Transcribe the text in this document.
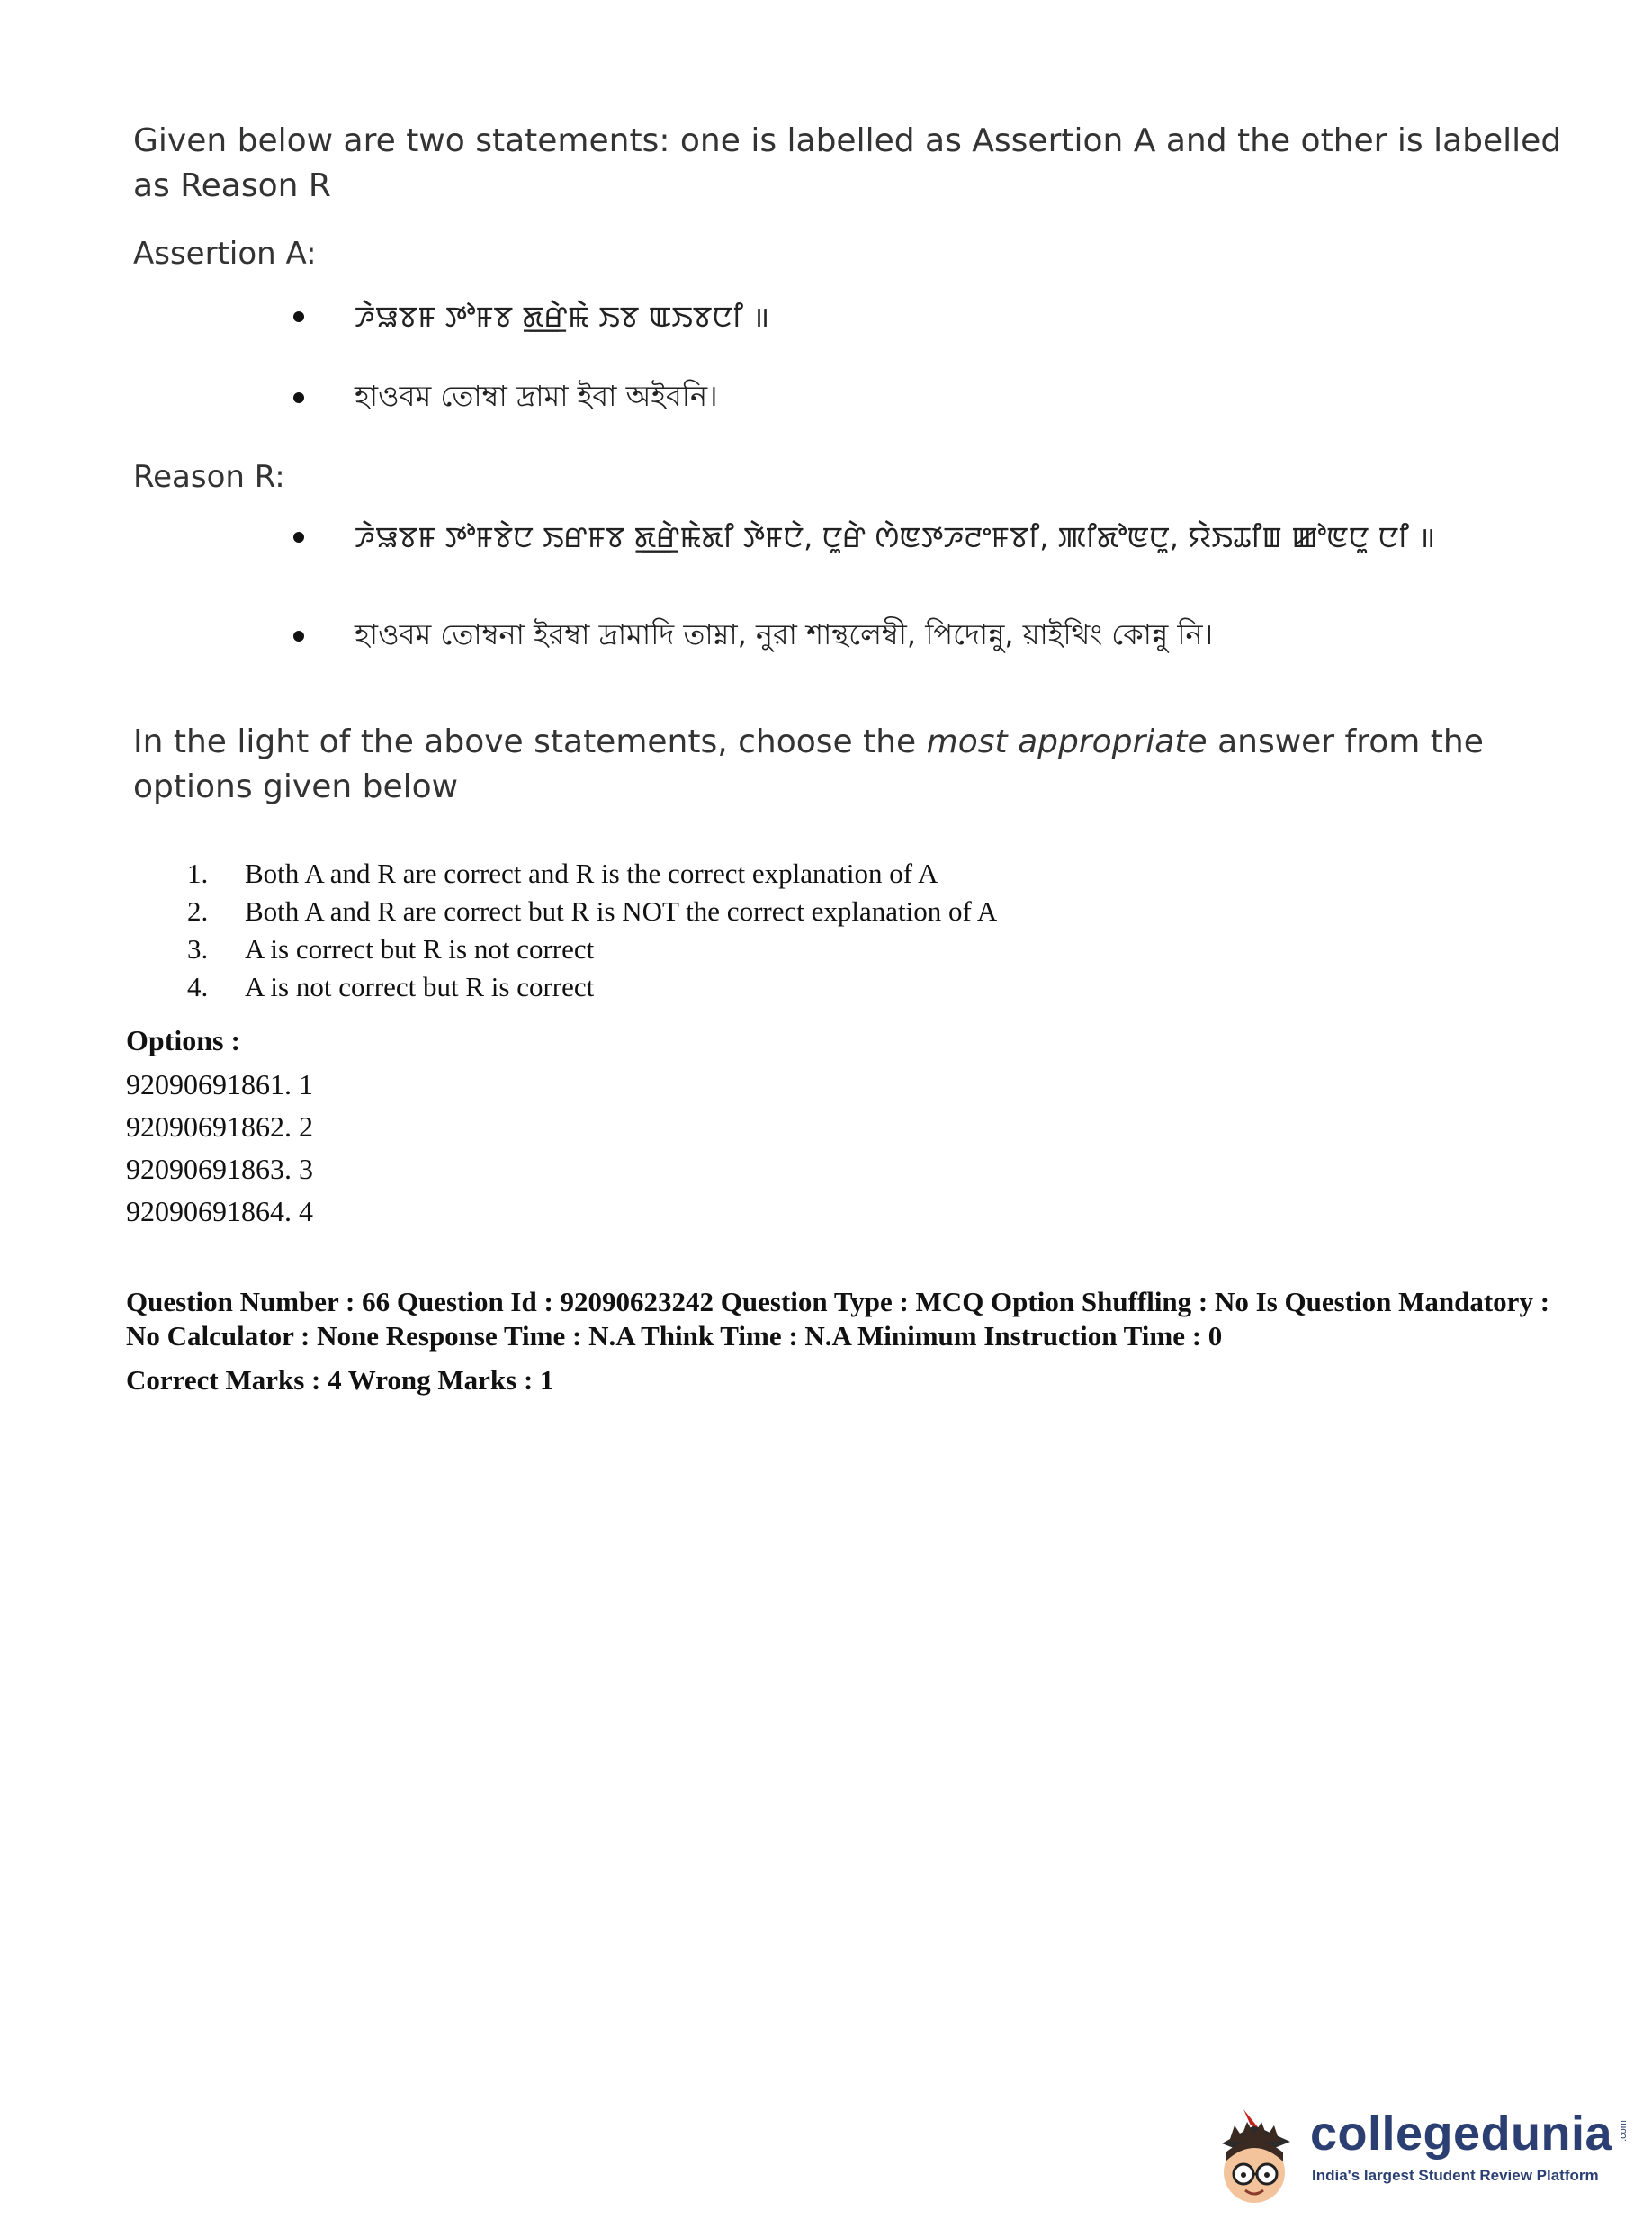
Given below are two statements: one is labelled as Assertion A and the other is labelled as Reason R
Assertion A:
ꯍꯥꯎꯕꯝ ꯇꯣꯝꯕ ꯗ꯭ꯔꯥꯃꯥ ꯏꯕ ꯑꯏꯕꯅꯤ ॥
হাওবম তোম্বা দ্রামা ইবা অইবনি।
Reason R:
ꯍꯥꯎꯕꯝ ꯇꯣꯝꯕꯥꯅ ꯏꯔꯝꯕ ꯗ꯭ꯔꯥꯃꯥꯗꯤ ꯇꯥꯝꯅꯥ, ꯅꯨꯔꯥ ꯁꯥꯟꯇꯍꯂꯦꯝꯕꯤ, ꯄꯤꯗꯣꯟꯅꯨ, ꯌꯥꯏꯊꯤꯡ ꯀꯣꯟꯅꯨ ꯅꯤ ॥
হাওবম তোম্বনা ইরম্বা দ্রামাদি তাম্না, নুরা শান্থলেম্বী, পিদোন্নু, য়াইথিং কোন্নু নি।
In the light of the above statements, choose the most appropriate answer from the options given below
1.	Both A and R are correct and R is the correct explanation of A
2.	Both A and R are correct but R is NOT the correct explanation of A
3.	A is correct but R is not correct
4.	A is not correct but R is correct
Options :
92090691861. 1
92090691862. 2
92090691863. 3
92090691864. 4
Question Number : 66 Question Id : 92090623242 Question Type : MCQ Option Shuffling : No Is Question Mandatory : No Calculator : None Response Time : N.A Think Time : N.A Minimum Instruction Time : 0
Correct Marks : 4 Wrong Marks : 1
collegedunia .com
India's largest Student Review Platform
